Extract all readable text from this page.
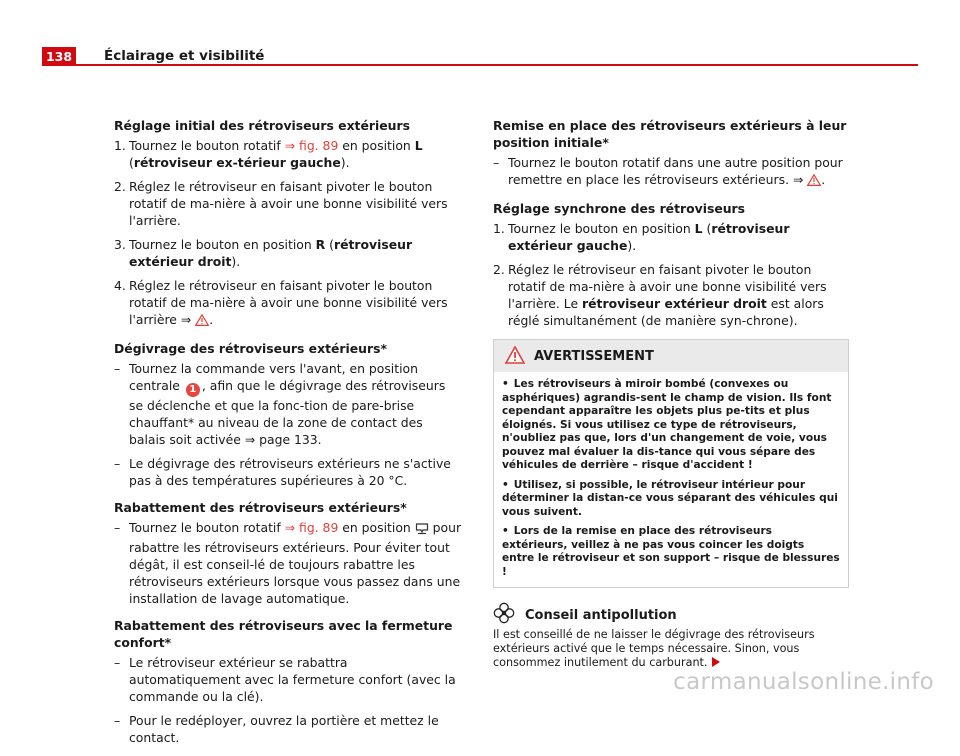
138 Éclairage et visibilité
Réglage initial des rétroviseurs extérieurs
1. Tournez le bouton rotatif ⇒ fig. 89 en position L (rétroviseur ex-térieur gauche).
2. Réglez le rétroviseur en faisant pivoter le bouton rotatif de ma-nière à avoir une bonne visibilité vers l'arrière.
3. Tournez le bouton en position R (rétroviseur extérieur droit).
4. Réglez le rétroviseur en faisant pivoter le bouton rotatif de ma-nière à avoir une bonne visibilité vers l'arrière ⇒ .
Dégivrage des rétroviseurs extérieurs*
– Tournez la commande vers l'avant, en position centrale 1 , afin que le dégivrage des rétroviseurs se déclenche et que la fonc-tion de pare-brise chauffant* au niveau de la zone de contact des balais soit activée ⇒ page 133.
– Le dégivrage des rétroviseurs extérieurs ne s'active pas à des températures supérieures à 20 °C.
Rabattement des rétroviseurs extérieurs*
– Tournez le bouton rotatif ⇒ fig. 89 en position  pour rabattre les rétroviseurs extérieurs. Pour éviter tout dégât, il est conseil-lé de toujours rabattre les rétroviseurs extérieurs lorsque vous passez dans une installation de lavage automatique.
Rabattement des rétroviseurs avec la fermeture confort*
– Le rétroviseur extérieur se rabattra automatiquement avec la fermeture confort (avec la commande ou la clé).
– Pour le redéployer, ouvrez la portière et mettez le contact.
Remise en place des rétroviseurs extérieurs à leur position initiale*
– Tournez le bouton rotatif dans une autre position pour remettre en place les rétroviseurs extérieurs. ⇒ .
Réglage synchrone des rétroviseurs
1. Tournez le bouton en position L (rétroviseur extérieur gauche).
2. Réglez le rétroviseur en faisant pivoter le bouton rotatif de ma-nière à avoir une bonne visibilité vers l'arrière. Le rétroviseur extérieur droit est alors réglé simultanément (de manière syn-chrone).
AVERTISSEMENT
• Les rétroviseurs à miroir bombé (convexes ou asphériques) agrandis-sent le champ de vision. Ils font cependant apparaître les objets plus pe-tits et plus éloignés. Si vous utilisez ce type de rétroviseurs, n'oubliez pas que, lors d'un changement de voie, vous pouvez mal évaluer la dis-tance qui vous sépare des véhicules de derrière – risque d'accident !
• Utilisez, si possible, le rétroviseur intérieur pour déterminer la distan-ce vous séparant des véhicules qui vous suivent.
• Lors de la remise en place des rétroviseurs extérieurs, veillez à ne pas vous coincer les doigts entre le rétroviseur et son support – risque de blessures !
Conseil antipollution
Il est conseillé de ne laisser le dégivrage des rétroviseurs extérieurs activé que le temps nécessaire. Sinon, vous consommez inutilement du carburant.
carmanualsonline.info
